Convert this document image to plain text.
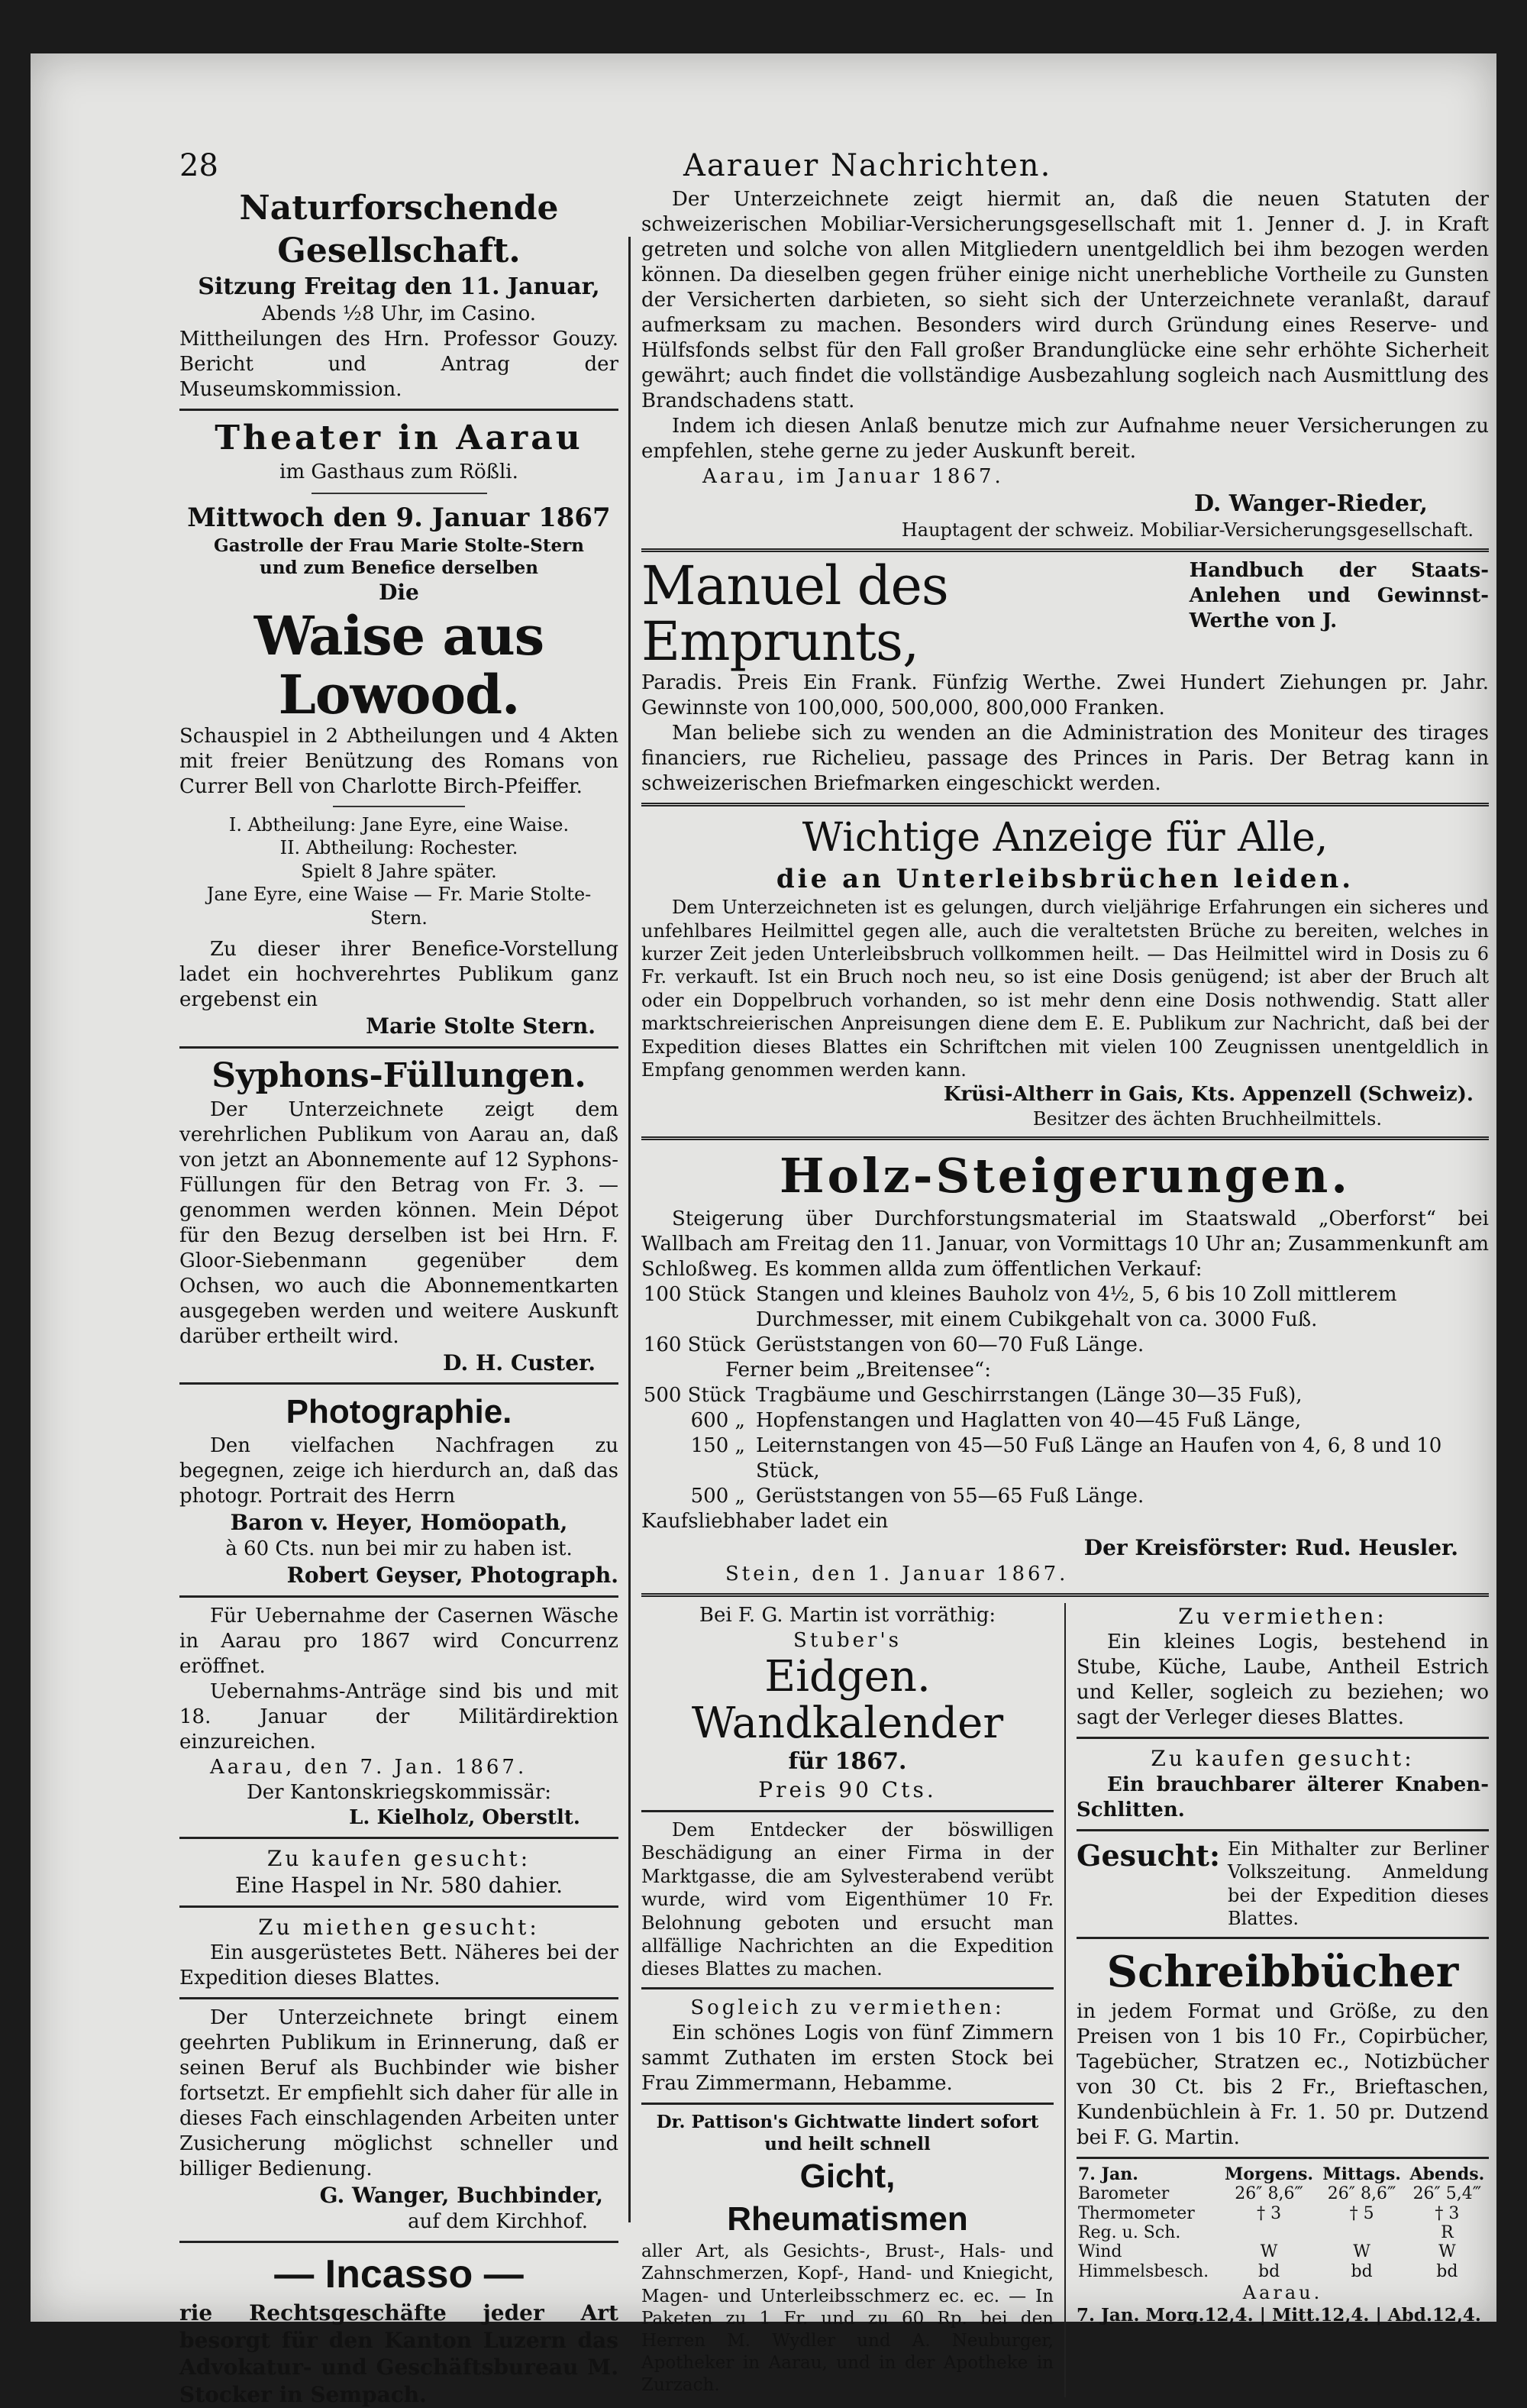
28	Aarauer Nachrichten.
Naturforschende Gesellschaft.
Sitzung Freitag den 11. Januar,
Abends ½8 Uhr, im Casino.
Mittheilungen des Hrn. Professor Gouzy. Bericht und Antrag der Museumskommission.
Theater in Aarau
im Gasthaus zum Rößli.
Mittwoch den 9. Januar 1867
Gastrolle der Frau Marie Stolte-Stern
und zum Benefice derselben
Die
Waise aus Lowood.
Schauspiel in 2 Abtheilungen und 4 Akten mit freier Benützung des Romans von Currer Bell von Charlotte Birch-Pfeiffer.
I. Abtheilung: Jane Eyre, eine Waise.
II. Abtheilung: Rochester.
Spielt 8 Jahre später.
Jane Eyre, eine Waise — Fr. Marie Stolte-Stern.
Zu dieser ihrer Benefice-Vorstellung ladet ein hochverehrtes Publikum ganz ergebenst ein
Marie Stolte Stern.
Syphons-Füllungen.
Der Unterzeichnete zeigt dem verehrlichen Publikum von Aarau an, daß von jetzt an Abonnemente auf 12 Syphons-Füllungen für den Betrag von Fr. 3. — genommen werden können. Mein Dépot für den Bezug derselben ist bei Hrn. F. Gloor-Siebenmann gegenüber dem Ochsen, wo auch die Abonnementkarten ausgegeben werden und weitere Auskunft darüber ertheilt wird.
D. H. Custer.
Photographie.
Den vielfachen Nachfragen zu begegnen, zeige ich hierdurch an, daß das photogr. Portrait des Herrn
Baron v. Heyer, Homöopath,
à 60 Cts. nun bei mir zu haben ist.
Robert Geyser, Photograph.
Für Uebernahme der Casernen Wäsche in Aarau pro 1867 wird Concurrenz eröffnet.
Uebernahms-Anträge sind bis und mit 18. Januar der Militärdirektion einzureichen.
Aarau, den 7. Jan. 1867.
Der Kantonskriegskommissär:
L. Kielholz, Oberstlt.
Zu kaufen gesucht:
Eine Haspel in Nr. 580 dahier.
Zu miethen gesucht:
Ein ausgerüstetes Bett. Näheres bei der Expedition dieses Blattes.
Der Unterzeichnete bringt einem geehrten Publikum in Erinnerung, daß er seinen Beruf als Buchbinder wie bisher fortsetzt. Er empfiehlt sich daher für alle in dieses Fach einschlagenden Arbeiten unter Zusicherung möglichst schneller und billiger Bedienung.
G. Wanger, Buchbinder,
auf dem Kirchhof.
— Incasso —
rie Rechtsgeschäfte jeder Art besorgt für den Kanton Luzern das Advokatur- und Geschäftsbureau M. Stocker in Sempach.
Der Unterzeichnete zeigt hiermit an, daß die neuen Statuten der schweizerischen Mobiliar-Versicherungsgesellschaft mit 1. Jenner d. J. in Kraft getreten und solche von allen Mitgliedern unentgeldlich bei ihm bezogen werden können. Da dieselben gegen früher einige nicht unerhebliche Vortheile zu Gunsten der Versicherten darbieten, so sieht sich der Unterzeichnete veranlaßt, darauf aufmerksam zu machen. Besonders wird durch Gründung eines Reserve- und Hülfsfonds selbst für den Fall großer Brandunglücke eine sehr erhöhte Sicherheit gewährt; auch findet die vollständige Ausbezahlung sogleich nach Ausmittlung des Brandschadens statt.
Indem ich diesen Anlaß benutze mich zur Aufnahme neuer Versicherungen zu empfehlen, stehe gerne zu jeder Auskunft bereit.
Aarau, im Januar 1867.
D. Wanger-Rieder,
Hauptagent der schweiz. Mobiliar-Versicherungsgesellschaft.
Manuel des Emprunts,
Handbuch der Staats-Anlehen und Gewinnst-Werthe von J.
Paradis. Preis Ein Frank. Fünfzig Werthe. Zwei Hundert Ziehungen pr. Jahr. Gewinnste von 100,000, 500,000, 800,000 Franken.
Man beliebe sich zu wenden an die Administration des Moniteur des tirages financiers, rue Richelieu, passage des Princes in Paris. Der Betrag kann in schweizerischen Briefmarken eingeschickt werden.
Wichtige Anzeige für Alle,
die an Unterleibsbrüchen leiden.
Dem Unterzeichneten ist es gelungen, durch vieljährige Erfahrungen ein sicheres und unfehlbares Heilmittel gegen alle, auch die veraltetsten Brüche zu bereiten, welches in kurzer Zeit jeden Unterleibsbruch vollkommen heilt. — Das Heilmittel wird in Dosis zu 6 Fr. verkauft. Ist ein Bruch noch neu, so ist eine Dosis genügend; ist aber der Bruch alt oder ein Doppelbruch vorhanden, so ist mehr denn eine Dosis nothwendig. Statt aller marktschreierischen Anpreisungen diene dem E. E. Publikum zur Nachricht, daß bei der Expedition dieses Blattes ein Schriftchen mit vielen 100 Zeugnissen unentgeldlich in Empfang genommen werden kann.
Krüsi-Altherr in Gais, Kts. Appenzell (Schweiz).
Besitzer des ächten Bruchheilmittels.
Holz-Steigerungen.
Steigerung über Durchforstungsmaterial im Staatswald „Oberforst“ bei Wallbach am Freitag den 11. Januar, von Vormittags 10 Uhr an; Zusammenkunft am Schloßweg. Es kommen allda zum öffentlichen Verkauf:
100 Stück Stangen und kleines Bauholz von 4½, 5, 6 bis 10 Zoll mittlerem Durchmesser, mit einem Cubikgehalt von ca. 3000 Fuß.
160 Stück Gerüststangen von 60—70 Fuß Länge.
Ferner beim „Breitensee“:
500 Stück Tragbäume und Geschirrstangen (Länge 30—35 Fuß),
600 „ Hopfenstangen und Haglatten von 40—45 Fuß Länge,
150 „ Leiternstangen von 45—50 Fuß Länge an Haufen von 4, 6, 8 und 10 Stück,
500 „ Gerüststangen von 55—65 Fuß Länge.
Kaufsliebhaber ladet ein
Der Kreisförster: Rud. Heusler.
Stein, den 1. Januar 1867.
Bei F. G. Martin ist vorräthig:
Stuber's
Eidgen. Wandkalender
für 1867.
Preis 90 Cts.
Dem Entdecker der böswilligen Beschädigung an einer Firma in der Marktgasse, die am Sylvesterabend verübt wurde, wird vom Eigenthümer 10 Fr. Belohnung geboten und ersucht man allfällige Nachrichten an die Expedition dieses Blattes zu machen.
Sogleich zu vermiethen:
Ein schönes Logis von fünf Zimmern sammt Zuthaten im ersten Stock bei Frau Zimmermann, Hebamme.
Dr. Pattison's Gichtwatte lindert sofort und heilt schnell
Gicht,
Rheumatismen
aller Art, als Gesichts-, Brust-, Hals- und Zahnschmerzen, Kopf-, Hand- und Kniegicht, Magen- und Unterleibsschmerz ec. ec. — In Paketen zu 1 Fr. und zu 60 Rp. bei den Herren M. Wydler und A. Neuburger, Apotheker in Aarau, und in der Apotheke in Zurzach.
Zu vermiethen:
Ein kleines Logis, bestehend in Stube, Küche, Laube, Antheil Estrich und Keller, sogleich zu beziehen; wo sagt der Verleger dieses Blattes.
Zu kaufen gesucht:
Ein brauchbarer älterer Knaben-Schlitten.
Gesucht: Ein Mithalter zur Berliner Volkszeitung. Anmeldung bei der Expedition dieses Blattes.
Schreibbücher
in jedem Format und Größe, zu den Preisen von 1 bis 10 Fr., Copirbücher, Tagebücher, Stratzen ec., Notizbücher von 30 Ct. bis 2 Fr., Brieftaschen, Kundenbüchlein à Fr. 1. 50 pr. Dutzend bei F. G. Martin.
7. Jan.	Morgens.	Mittags.	Abends.
Barometer	26″ 8,6‴	26″ 8,6‴	26″ 5,4‴
Thermometer	† 3	† 5	† 3
Reg. u. Sch.			R
Wind	W	W	W
Himmelsbesch.	bd	bd	bd
Aarau.
7. Jan. Morg.12,4. | Mitt.12,4. | Abd.12,4.
